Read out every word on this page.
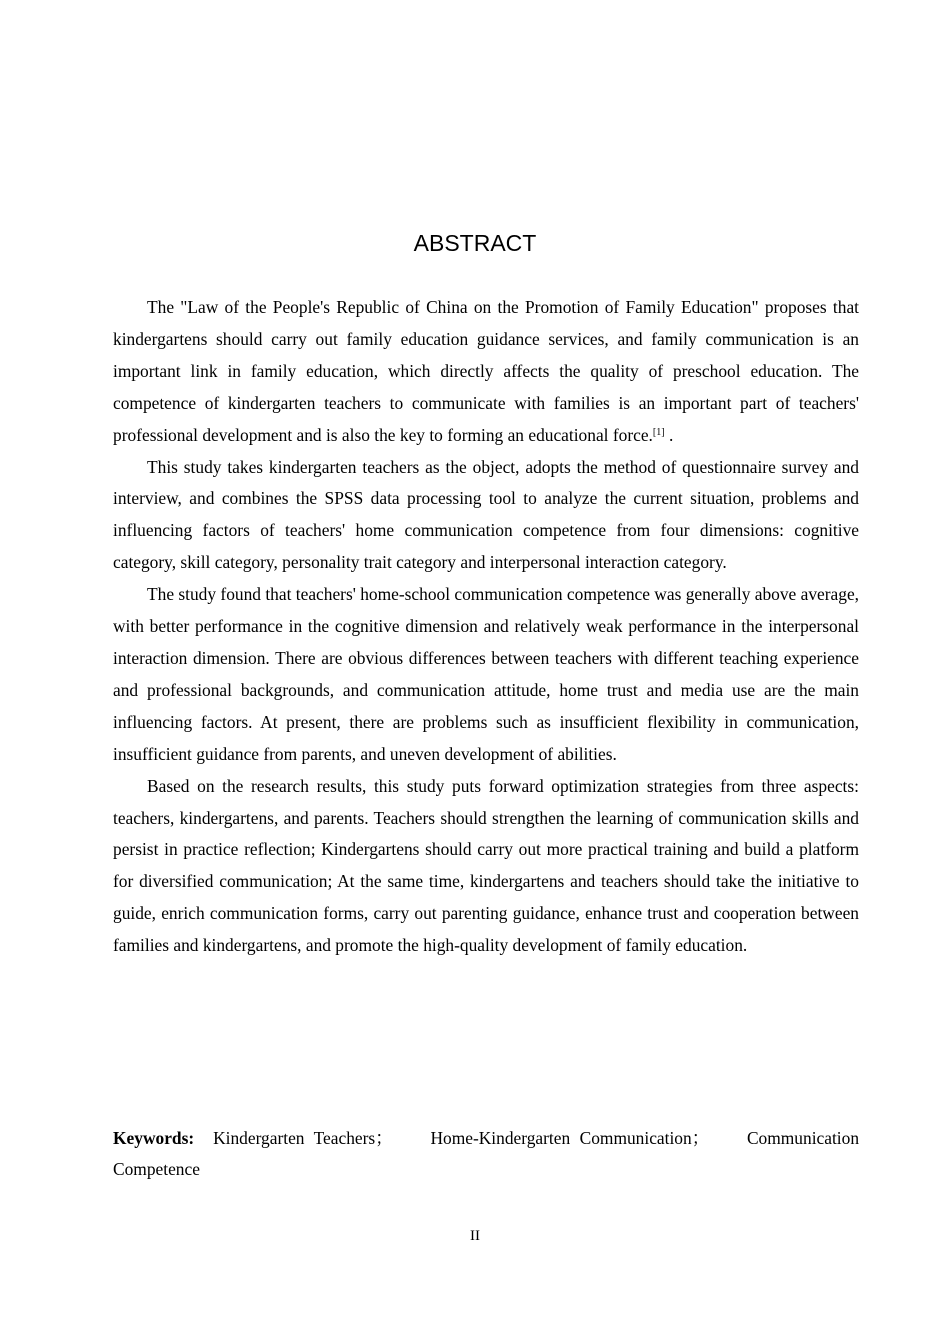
ABSTRACT

The "Law of the People's Republic of China on the Promotion of Family Education" proposes that kindergartens should carry out family education guidance services, and family communication is an important link in family education, which directly affects the quality of preschool education. The competence of kindergarten teachers to communicate with families is an important part of teachers' professional development and is also the key to forming an educational force.[1] .

This study takes kindergarten teachers as the object, adopts the method of questionnaire survey and interview, and combines the SPSS data processing tool to analyze the current situation, problems and influencing factors of teachers' home communication competence from four dimensions: cognitive category, skill category, personality trait category and interpersonal interaction category.

The study found that teachers' home-school communication competence was generally above average, with better performance in the cognitive dimension and relatively weak performance in the interpersonal interaction dimension. There are obvious differences between teachers with different teaching experience and professional backgrounds, and communication attitude, home trust and media use are the main influencing factors. At present, there are problems such as insufficient flexibility in communication, insufficient guidance from parents, and uneven development of abilities.

Based on the research results, this study puts forward optimization strategies from three aspects: teachers, kindergartens, and parents. Teachers should strengthen the learning of communication skills and persist in practice reflection; Kindergartens should carry out more practical training and build a platform for diversified communication; At the same time, kindergartens and teachers should take the initiative to guide, enrich communication forms, carry out parenting guidance, enhance trust and cooperation between families and kindergartens, and promote the high-quality development of family education.

Keywords: Kindergarten Teachers； Home-Kindergarten Communication； Communication Competence

II
